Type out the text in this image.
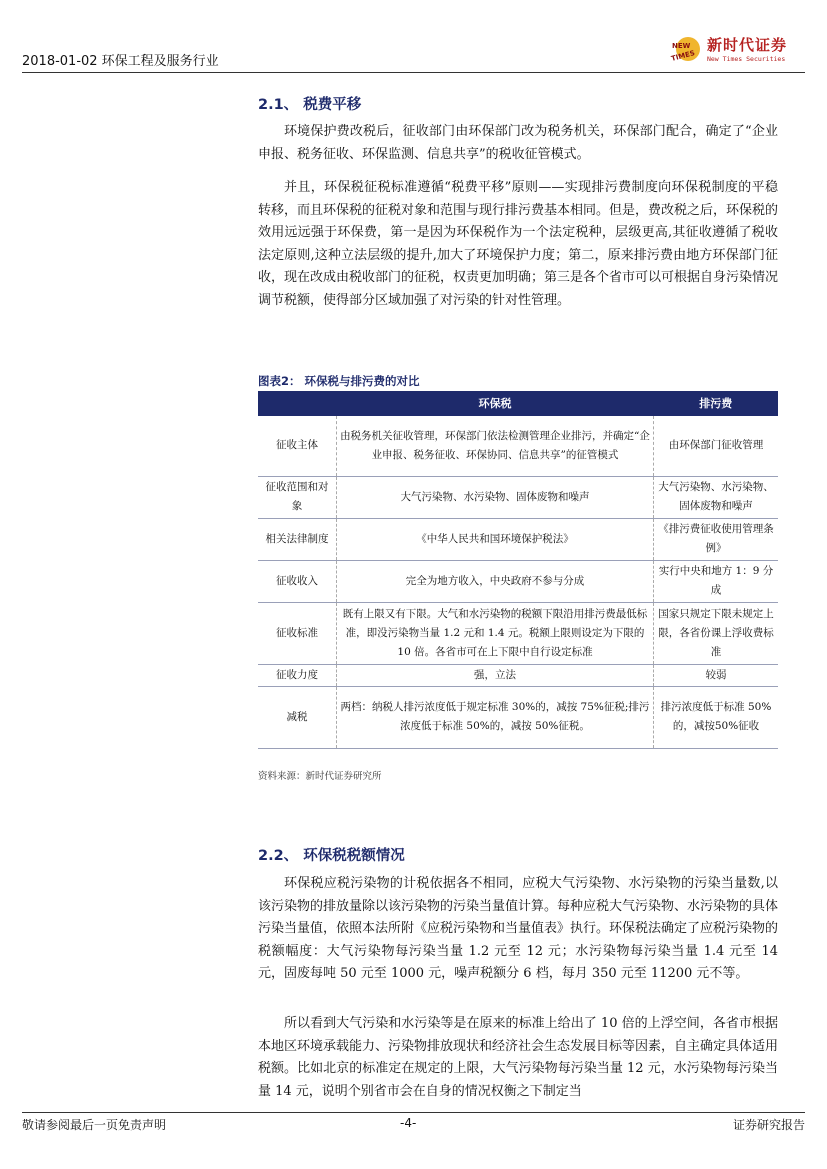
2018-01-02 环保工程及服务行业
NEW
TIMES
新时代证券
New Times Securities
2.1、 税费平移

环境保护费改税后，征收部门由环保部门改为税务机关，环保部门配合，确定了“企业申报、税务征收、环保监测、信息共享”的税收征管模式。

并且，环保税征税标准遵循“税费平移”原则——实现排污费制度向环保税制度的平稳转移，而且环保税的征税对象和范围与现行排污费基本相同。但是，费改税之后，环保税的效用远远强于环保费，第一是因为环保税作为一个法定税种，层级更高,其征收遵循了税收法定原则,这种立法层级的提升,加大了环境保护力度；第二，原来排污费由地方环保部门征收，现在改成由税收部门的征税，权责更加明确；第三是各个省市可以可根据自身污染情况调节税额，使得部分区域加强了对污染的针对性管理。

图表2： 环保税与排污费的对比
	环保税	排污费
征收主体	由税务机关征收管理，环保部门依法检测管理企业排污，并确定“企业申报、税务征收、环保协同、信息共享”的征管模式	由环保部门征收管理
征收范围和对象	大气污染物、水污染物、固体废物和噪声	大气污染物、水污染物、固体废物和噪声
相关法律制度	《中华人民共和国环境保护税法》	《排污费征收使用管理条例》
征收收入	完全为地方收入，中央政府不参与分成	实行中央和地方 1：9 分成
征收标准	既有上限又有下限。大气和水污染物的税额下限沿用排污费最低标准，即没污染物当量 1.2 元和 1.4 元。税额上限则设定为下限的 10 倍。各省市可在上下限中自行设定标准	国家只规定下限未规定上限，各省份课上浮收费标准
征收力度	强，立法	较弱
减税	两档：纳税人排污浓度低于规定标准 30%的，减按 75%征税;排污浓度低于标准 50%的，减按 50%征税。	排污浓度低于标准 50%的，减按50%征收
资料来源：新时代证券研究所
2.2、 环保税税额情况

环保税应税污染物的计税依据各不相同，应税大气污染物、水污染物的污染当量数,以该污染物的排放量除以该污染物的污染当量值计算。每种应税大气污染物、水污染物的具体污染当量值，依照本法所附《应税污染物和当量值表》执行。环保税法确定了应税污染物的税额幅度：大气污染物每污染当量 1.2 元至 12 元；水污染物每污染当量 1.4 元至 14 元，固废每吨 50 元至 1000 元，噪声税额分 6 档，每月 350 元至 11200 元不等。

所以看到大气污染和水污染等是在原来的标准上给出了 10 倍的上浮空间，各省市根据本地区环境承载能力、污染物排放现状和经济社会生态发展目标等因素，自主确定具体适用税额。比如北京的标准定在规定的上限，大气污染物每污染当量 12 元，水污染物每污染当量 14 元，说明个别省市会在自身的情况权衡之下制定当

敬请参阅最后一页免责声明	-4-	证券研究报告
